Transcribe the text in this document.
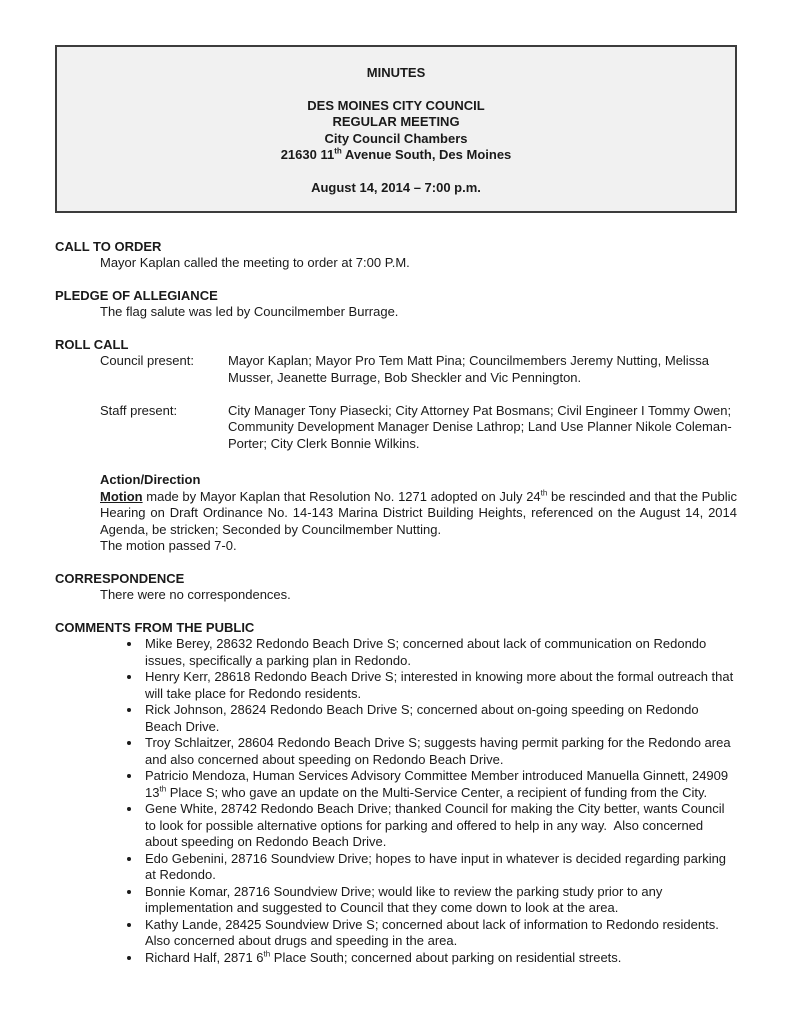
MINUTES
DES MOINES CITY COUNCIL
REGULAR MEETING
City Council Chambers
21630 11th Avenue South, Des Moines
August 14, 2014 – 7:00 p.m.
CALL TO ORDER
Mayor Kaplan called the meeting to order at 7:00 P.M.
PLEDGE OF ALLEGIANCE
The flag salute was led by Councilmember Burrage.
ROLL CALL
Council present:	Mayor Kaplan; Mayor Pro Tem Matt Pina; Councilmembers Jeremy Nutting, Melissa Musser, Jeanette Burrage, Bob Sheckler and Vic Pennington.
Staff present:	City Manager Tony Piasecki; City Attorney Pat Bosmans; Civil Engineer I Tommy Owen; Community Development Manager Denise Lathrop; Land Use Planner Nikole Coleman-Porter; City Clerk Bonnie Wilkins.
Action/Direction
Motion made by Mayor Kaplan that Resolution No. 1271 adopted on July 24th be rescinded and that the Public Hearing on Draft Ordinance No. 14-143 Marina District Building Heights, referenced on the August 14, 2014 Agenda, be stricken; Seconded by Councilmember Nutting.
The motion passed 7-0.
CORRESPONDENCE
There were no correspondences.
COMMENTS FROM THE PUBLIC
• Mike Berey, 28632 Redondo Beach Drive S; concerned about lack of communication on Redondo issues, specifically a parking plan in Redondo.
• Henry Kerr, 28618 Redondo Beach Drive S; interested in knowing more about the formal outreach that will take place for Redondo residents.
• Rick Johnson, 28624 Redondo Beach Drive S; concerned about on-going speeding on Redondo Beach Drive.
• Troy Schlaitzer, 28604 Redondo Beach Drive S; suggests having permit parking for the Redondo area and also concerned about speeding on Redondo Beach Drive.
• Patricio Mendoza, Human Services Advisory Committee Member introduced Manuella Ginnett, 24909 13th Place S; who gave an update on the Multi-Service Center, a recipient of funding from the City.
• Gene White, 28742 Redondo Beach Drive; thanked Council for making the City better, wants Council to look for possible alternative options for parking and offered to help in any way.  Also concerned about speeding on Redondo Beach Drive.
• Edo Gebenini, 28716 Soundview Drive; hopes to have input in whatever is decided regarding parking at Redondo.
• Bonnie Komar, 28716 Soundview Drive; would like to review the parking study prior to any implementation and suggested to Council that they come down to look at the area.
• Kathy Lande, 28425 Soundview Drive S; concerned about lack of information to Redondo residents.  Also concerned about drugs and speeding in the area.
• Richard Half, 2871 6th Place South; concerned about parking on residential streets.
